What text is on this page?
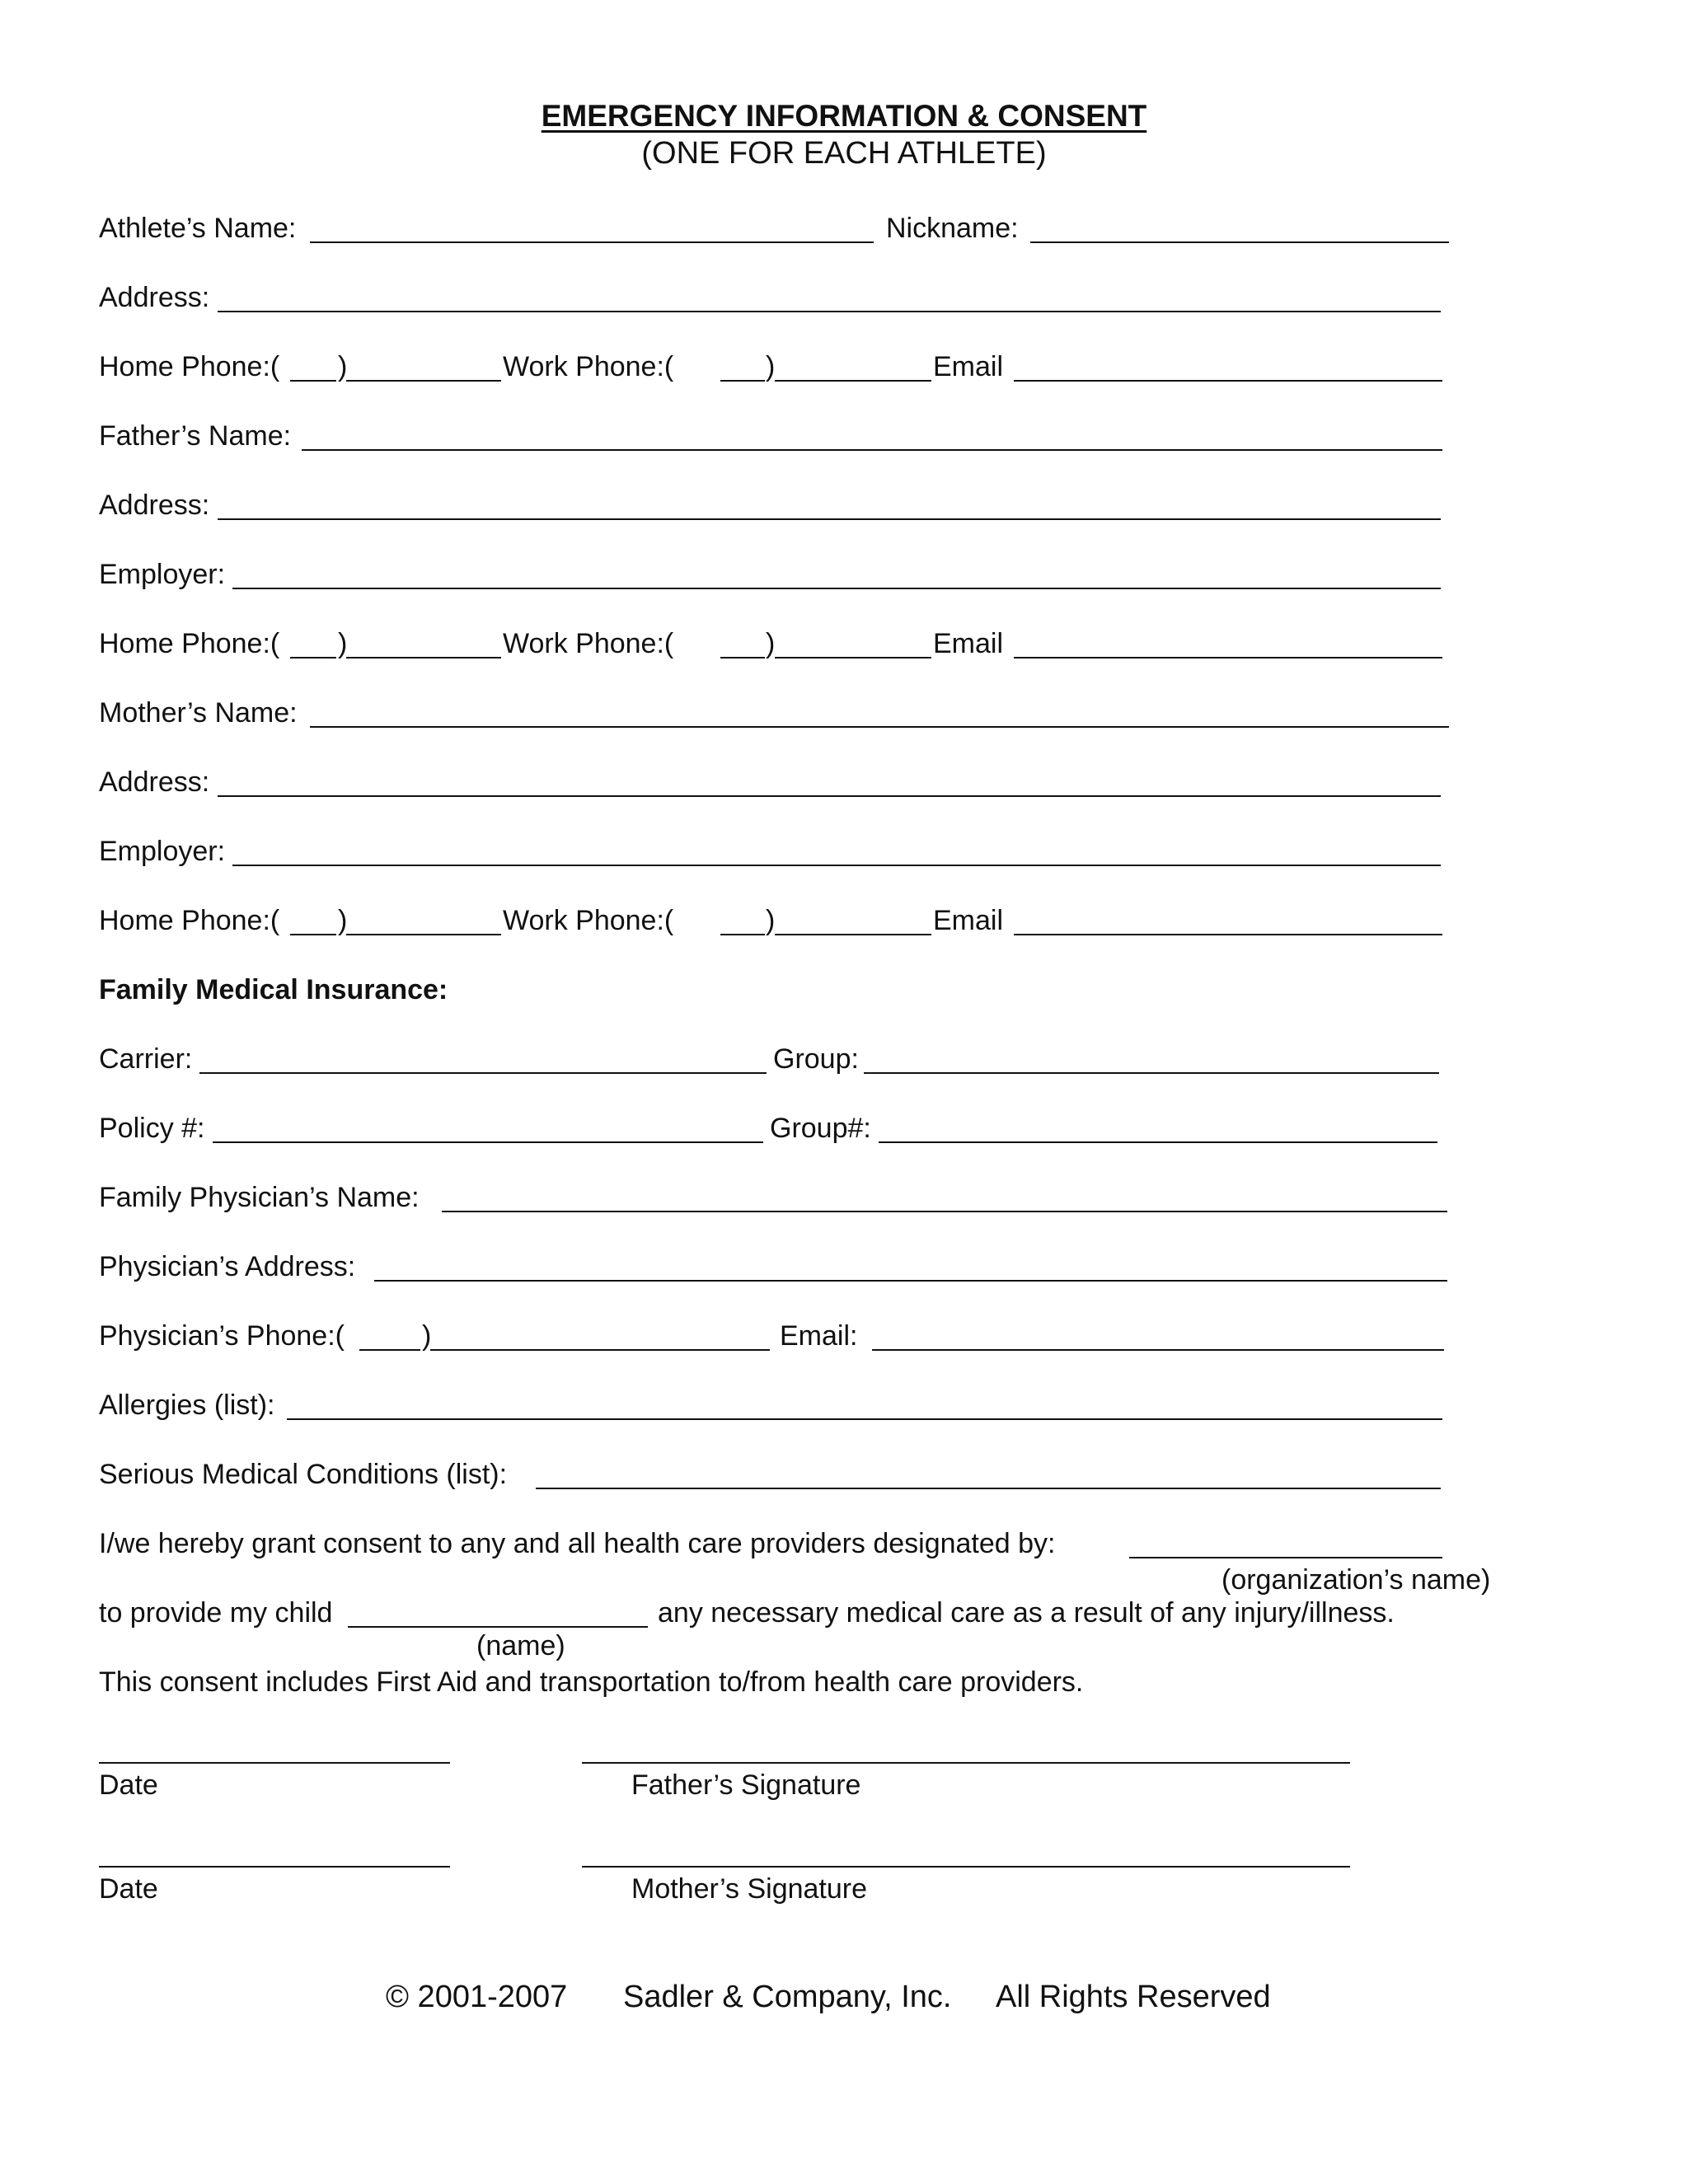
EMERGENCY INFORMATION & CONSENT
(ONE FOR EACH ATHLETE)
Athlete’s Name:	Nickname:
Address:
Home Phone:( )	Work Phone:(	)	Email
Father’s Name:
Address:
Employer:
Home Phone:( )	Work Phone:(	)	Email
Mother’s Name:
Address:
Employer:
Home Phone:( )	Work Phone:(	)	Email
Family Medical Insurance:
Carrier:	Group:
Policy #:	Group#:
Family Physician’s Name:
Physician’s Address:
Physician’s Phone:(	)	Email:
Allergies (list):
Serious Medical Conditions (list):
I/we hereby grant consent to any and all health care providers designated by:
(organization’s name)
to provide my child	any necessary medical care as a result of any injury/illness.
(name)
This consent includes First Aid and transportation to/from health care providers.
Date	Father’s Signature
Date	Mother’s Signature
© 2001-2007 Sadler & Company, Inc. All Rights Reserved
